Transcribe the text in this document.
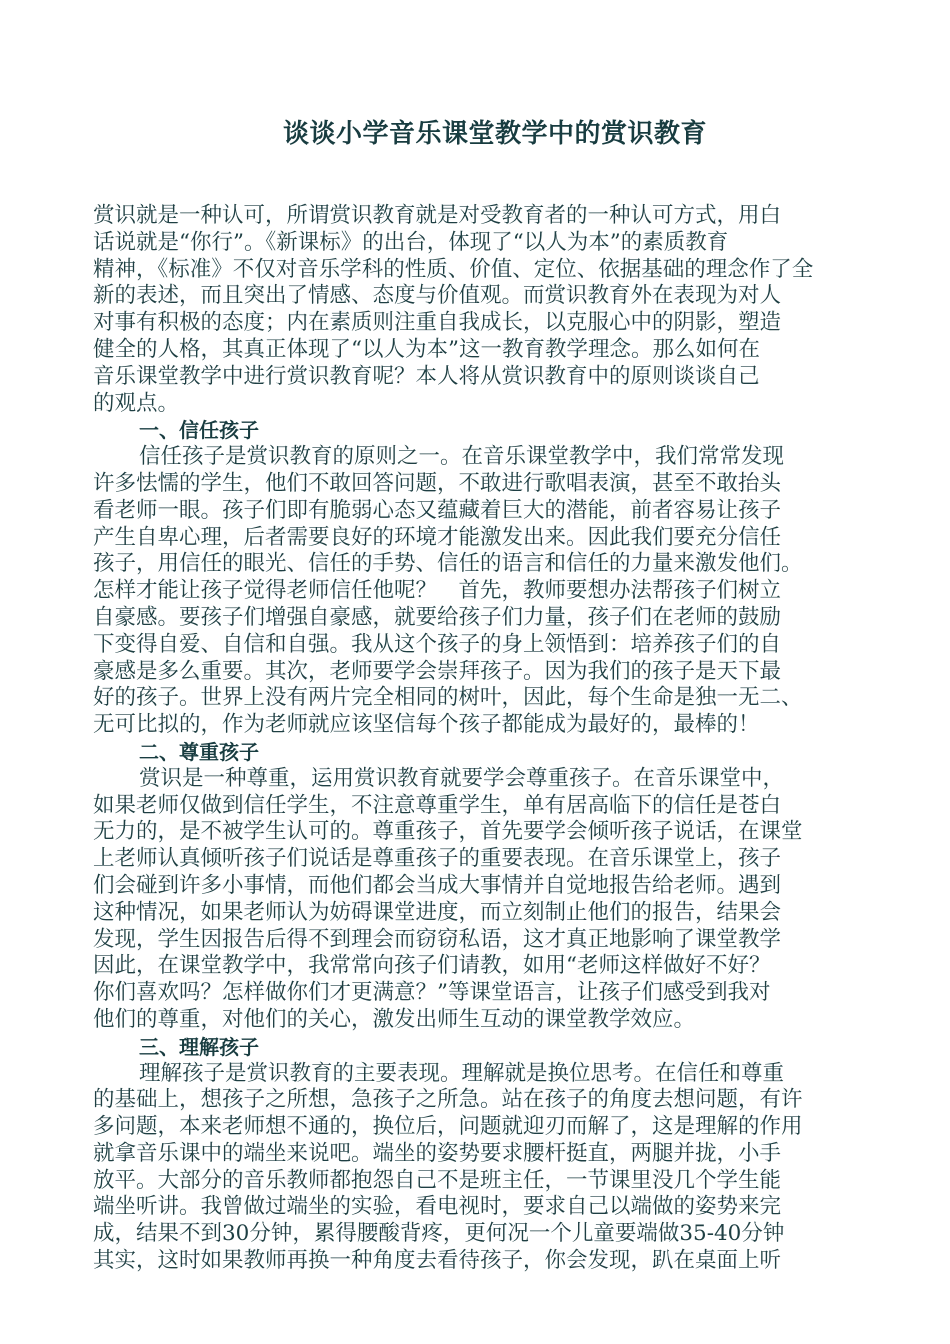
谈谈小学音乐课堂教学中的赏识教育
赏识就是一种认可，所谓赏识教育就是对受教育者的一种认可方式，用白
话说就是“你行”。《新课标》的出台，体现了“以人为本”的素质教育
精神，《标准》不仅对音乐学科的性质、价值、定位、依据基础的理念作了全
新的表述，而且突出了情感、态度与价值观。而赏识教育外在表现为对人
对事有积极的态度；内在素质则注重自我成长，以克服心中的阴影，塑造
健全的人格，其真正体现了“以人为本”这一教育教学理念。那么如何在
音乐课堂教学中进行赏识教育呢？本人将从赏识教育中的原则谈谈自己
的观点。
一、信任孩子
信任孩子是赏识教育的原则之一。在音乐课堂教学中，我们常常发现
许多怯懦的学生，他们不敢回答问题，不敢进行歌唱表演，甚至不敢抬头
看老师一眼。孩子们即有脆弱心态又蕴藏着巨大的潜能，前者容易让孩子
产生自卑心理，后者需要良好的环境才能激发出来。因此我们要充分信任
孩子，用信任的眼光、信任的手势、信任的语言和信任的力量来激发他们。
怎样才能让孩子觉得老师信任他呢？　首先，教师要想办法帮孩子们树立
自豪感。要孩子们增强自豪感，就要给孩子们力量，孩子们在老师的鼓励
下变得自爱、自信和自强。我从这个孩子的身上领悟到：培养孩子们的自
豪感是多么重要。其次，老师要学会崇拜孩子。因为我们的孩子是天下最
好的孩子。世界上没有两片完全相同的树叶，因此，每个生命是独一无二、
无可比拟的，作为老师就应该坚信每个孩子都能成为最好的，最棒的！
二、尊重孩子
赏识是一种尊重，运用赏识教育就要学会尊重孩子。在音乐课堂中，
如果老师仅做到信任学生，不注意尊重学生，单有居高临下的信任是苍白
无力的，是不被学生认可的。尊重孩子，首先要学会倾听孩子说话，在课堂
上老师认真倾听孩子们说话是尊重孩子的重要表现。在音乐课堂上，孩子
们会碰到许多小事情，而他们都会当成大事情并自觉地报告给老师。遇到
这种情况，如果老师认为妨碍课堂进度，而立刻制止他们的报告，结果会
发现，学生因报告后得不到理会而窃窃私语，这才真正地影响了课堂教学
因此，在课堂教学中，我常常向孩子们请教，如用“老师这样做好不好？
你们喜欢吗？怎样做你们才更满意？”等课堂语言，让孩子们感受到我对
他们的尊重，对他们的关心，激发出师生互动的课堂教学效应。
三、理解孩子
理解孩子是赏识教育的主要表现。理解就是换位思考。在信任和尊重
的基础上，想孩子之所想，急孩子之所急。站在孩子的角度去想问题，有许
多问题，本来老师想不通的，换位后，问题就迎刃而解了，这是理解的作用
就拿音乐课中的端坐来说吧。端坐的姿势要求腰杆挺直，两腿并拢，小手
放平。大部分的音乐教师都抱怨自己不是班主任，一节课里没几个学生能
端坐听讲。我曾做过端坐的实验，看电视时，要求自己以端做的姿势来完
成，结果不到30分钟，累得腰酸背疼，更何况一个儿童要端做35-40分钟
其实，这时如果教师再换一种角度去看待孩子，你会发现，趴在桌面上听
